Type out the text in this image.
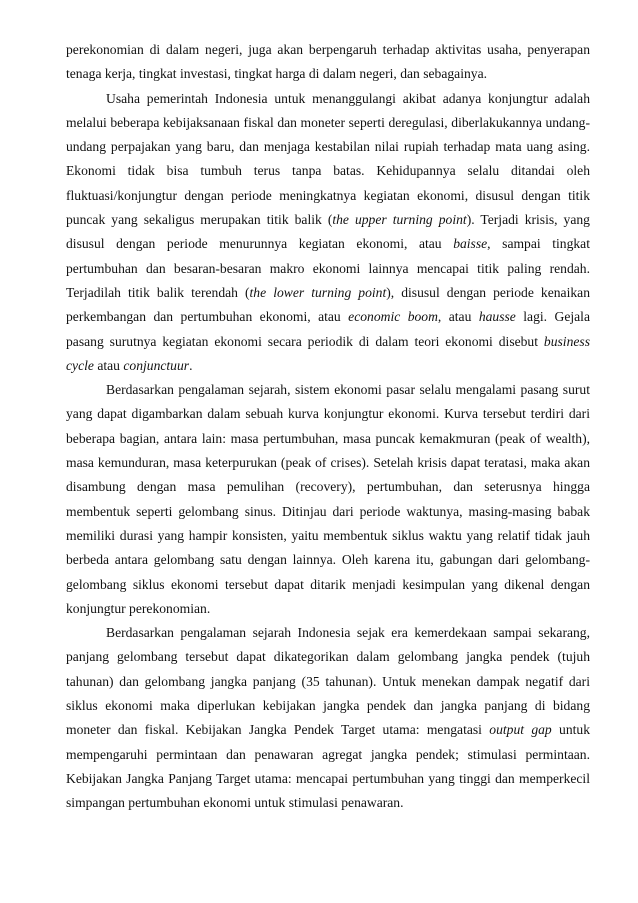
perekonomian di dalam negeri, juga akan berpengaruh terhadap aktivitas usaha, penyerapan tenaga kerja, tingkat investasi, tingkat harga di dalam negeri, dan sebagainya.

Usaha pemerintah Indonesia untuk menanggulangi akibat adanya konjungtur adalah melalui beberapa kebijaksanaan fiskal dan moneter seperti deregulasi, diberlakukannya undang-undang perpajakan yang baru, dan menjaga kestabilan nilai rupiah terhadap mata uang asing. Ekonomi tidak bisa tumbuh terus tanpa batas. Kehidupannya selalu ditandai oleh fluktuasi/konjungtur dengan periode meningkatnya kegiatan ekonomi, disusul dengan titik puncak yang sekaligus merupakan titik balik (the upper turning point). Terjadi krisis, yang disusul dengan periode menurunnya kegiatan ekonomi, atau baisse, sampai tingkat pertumbuhan dan besaran-besaran makro ekonomi lainnya mencapai titik paling rendah. Terjadilah titik balik terendah (the lower turning point), disusul dengan periode kenaikan perkembangan dan pertumbuhan ekonomi, atau economic boom, atau hausse lagi. Gejala pasang surutnya kegiatan ekonomi secara periodik di dalam teori ekonomi disebut business cycle atau conjunctuur.

Berdasarkan pengalaman sejarah, sistem ekonomi pasar selalu mengalami pasang surut yang dapat digambarkan dalam sebuah kurva konjungtur ekonomi. Kurva tersebut terdiri dari beberapa bagian, antara lain: masa pertumbuhan, masa puncak kemakmuran (peak of wealth), masa kemunduran, masa keterpurukan (peak of crises). Setelah krisis dapat teratasi, maka akan disambung dengan masa pemulihan (recovery), pertumbuhan, dan seterusnya hingga membentuk seperti gelombang sinus. Ditinjau dari periode waktunya, masing-masing babak memiliki durasi yang hampir konsisten, yaitu membentuk siklus waktu yang relatif tidak jauh berbeda antara gelombang satu dengan lainnya. Oleh karena itu, gabungan dari gelombang-gelombang siklus ekonomi tersebut dapat ditarik menjadi kesimpulan yang dikenal dengan konjungtur perekonomian.

Berdasarkan pengalaman sejarah Indonesia sejak era kemerdekaan sampai sekarang, panjang gelombang tersebut dapat dikategorikan dalam gelombang jangka pendek (tujuh tahunan) dan gelombang jangka panjang (35 tahunan). Untuk menekan dampak negatif dari siklus ekonomi maka diperlukan kebijakan jangka pendek dan jangka panjang di bidang moneter dan fiskal. Kebijakan Jangka Pendek Target utama: mengatasi output gap untuk mempengaruhi permintaan dan penawaran agregat jangka pendek; stimulasi permintaan. Kebijakan Jangka Panjang Target utama: mencapai pertumbuhan yang tinggi dan memperkecil simpangan pertumbuhan ekonomi untuk stimulasi penawaran.
